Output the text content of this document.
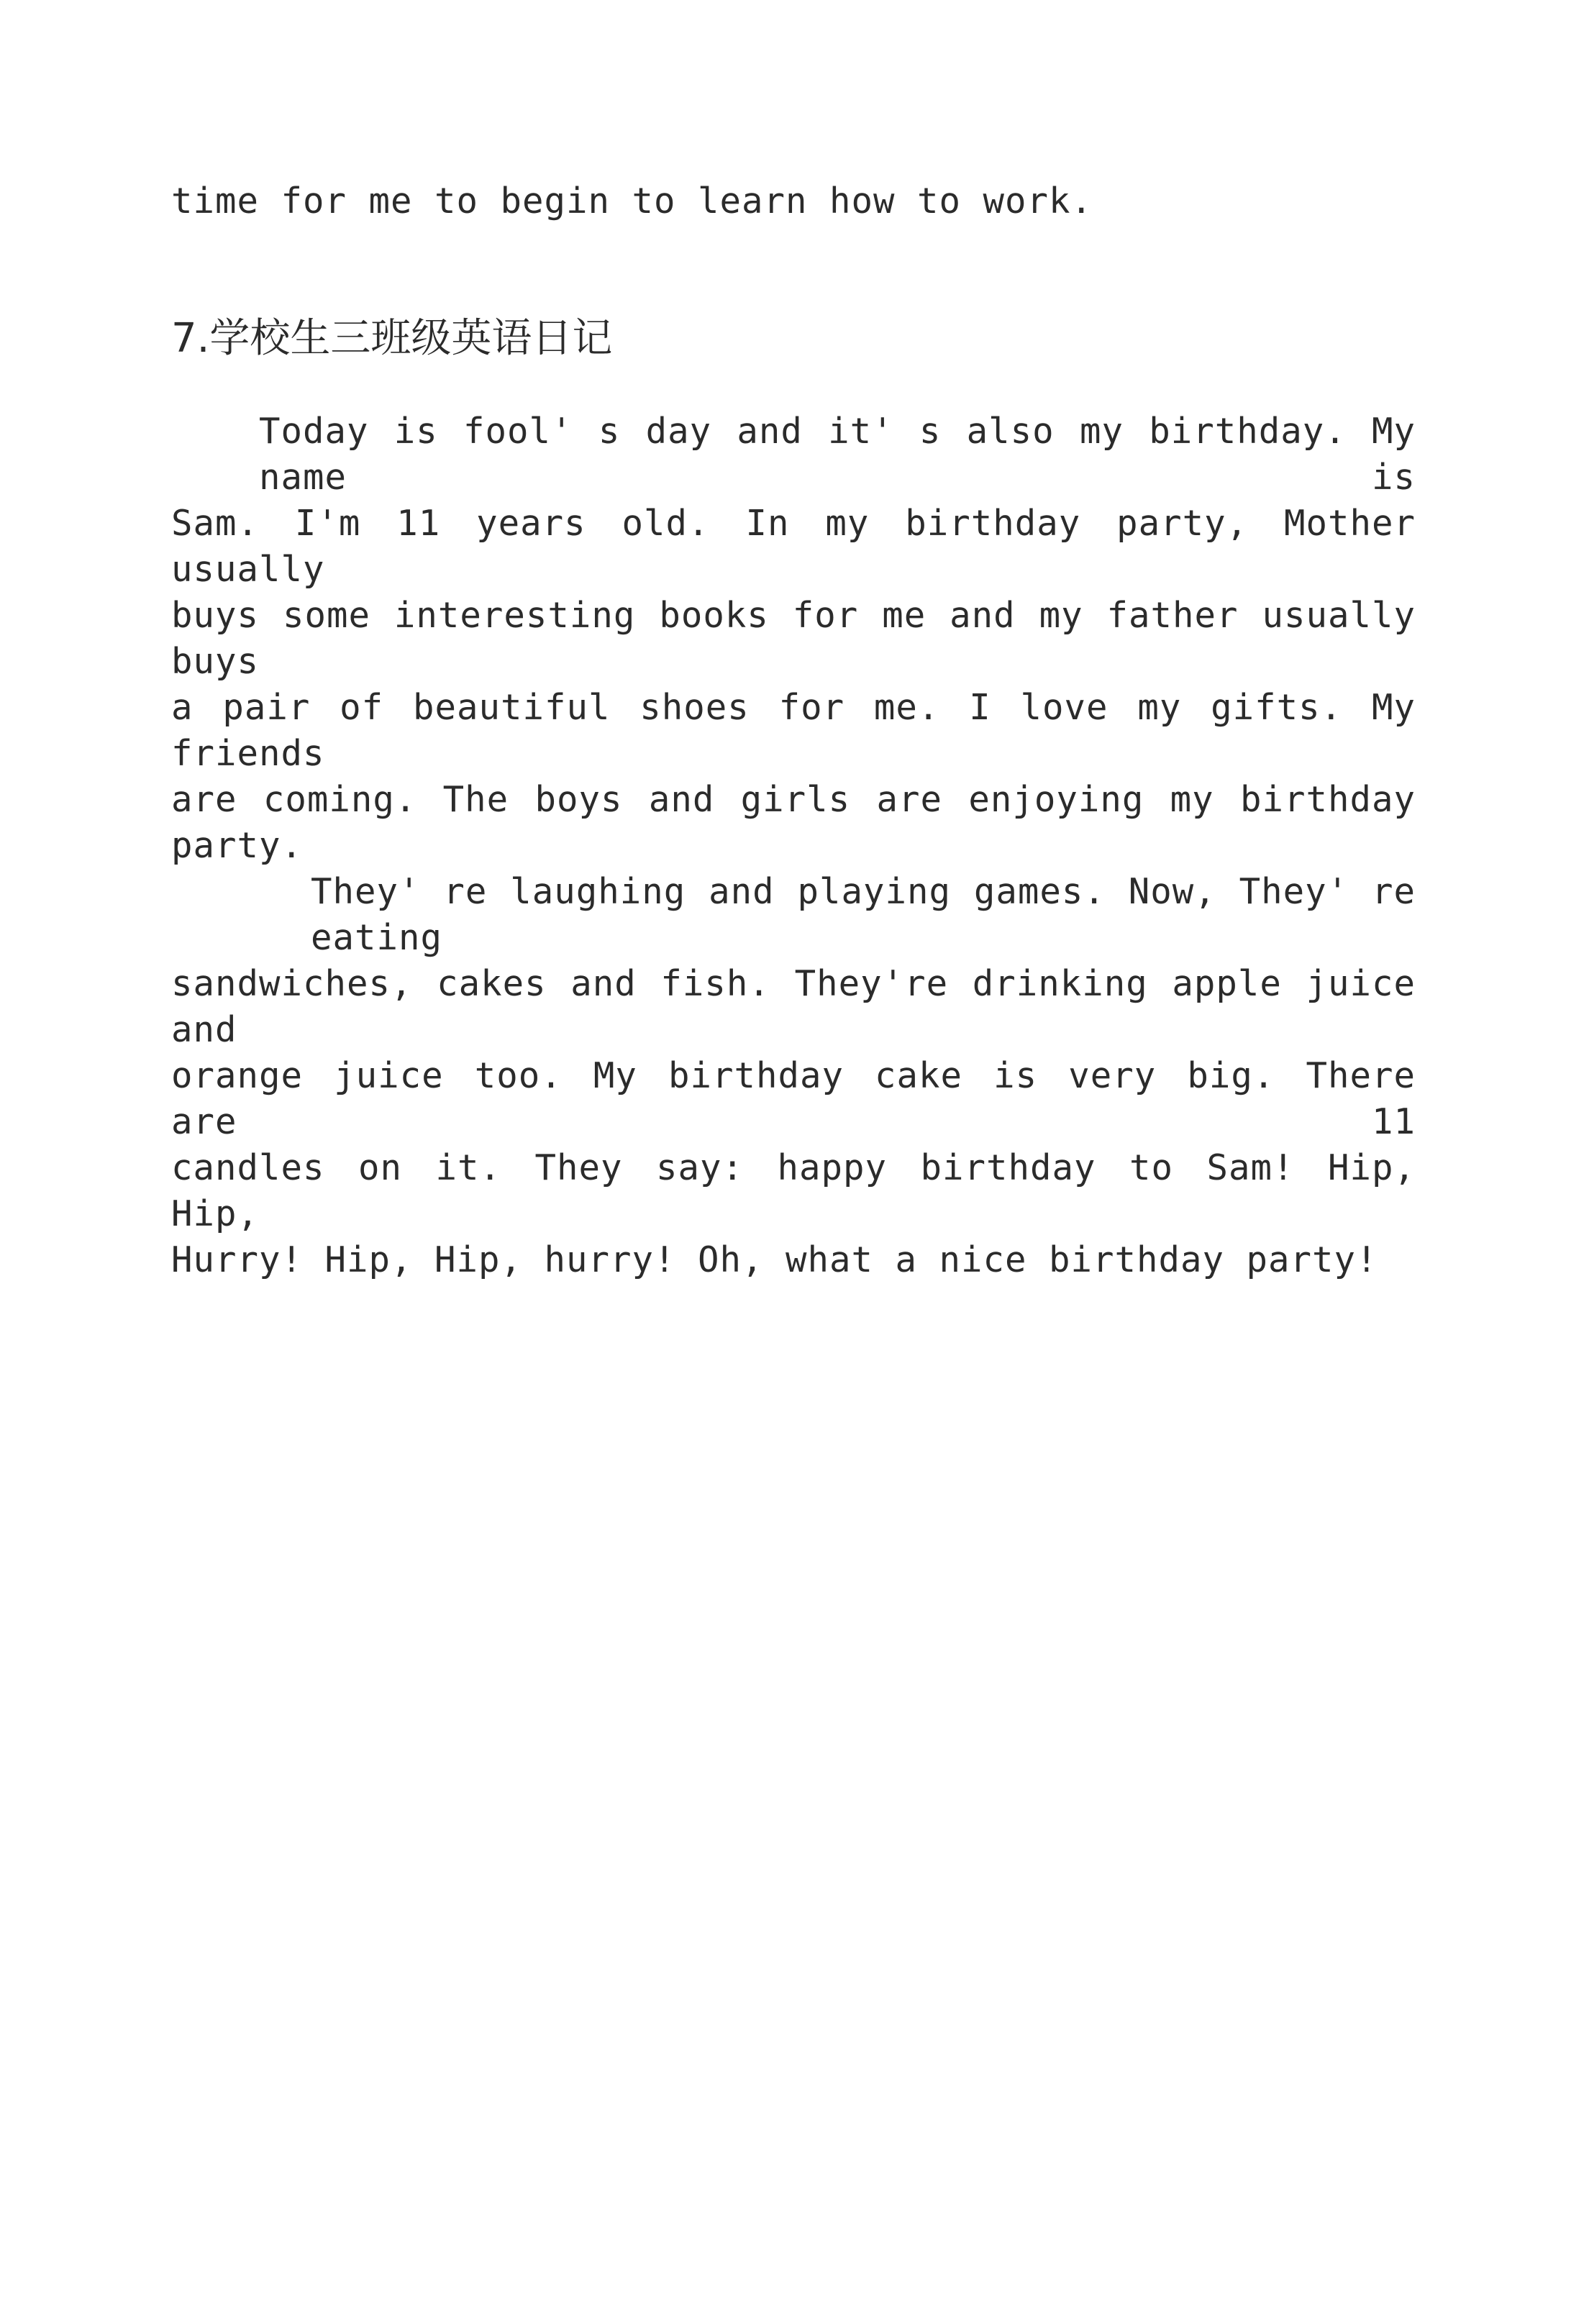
time for me to begin to learn how to work.
7.学校生三班级英语日记
Today is fool' s day and it' s also my birthday. My name is
Sam. I'm 11 years old. In my birthday party, Mother usually
buys some interesting books for me and my father usually buys
a pair of beautiful shoes for me. I love my gifts. My friends
are coming. The boys and girls are enjoying my birthday party.
They' re laughing and playing games. Now, They' re eating
sandwiches, cakes and fish. They're drinking apple juice and
orange juice too. My birthday cake is very big. There are 11
candles on it. They say: happy birthday to Sam! Hip, Hip,
Hurry! Hip, Hip, hurry! Oh, what a nice birthday party!
